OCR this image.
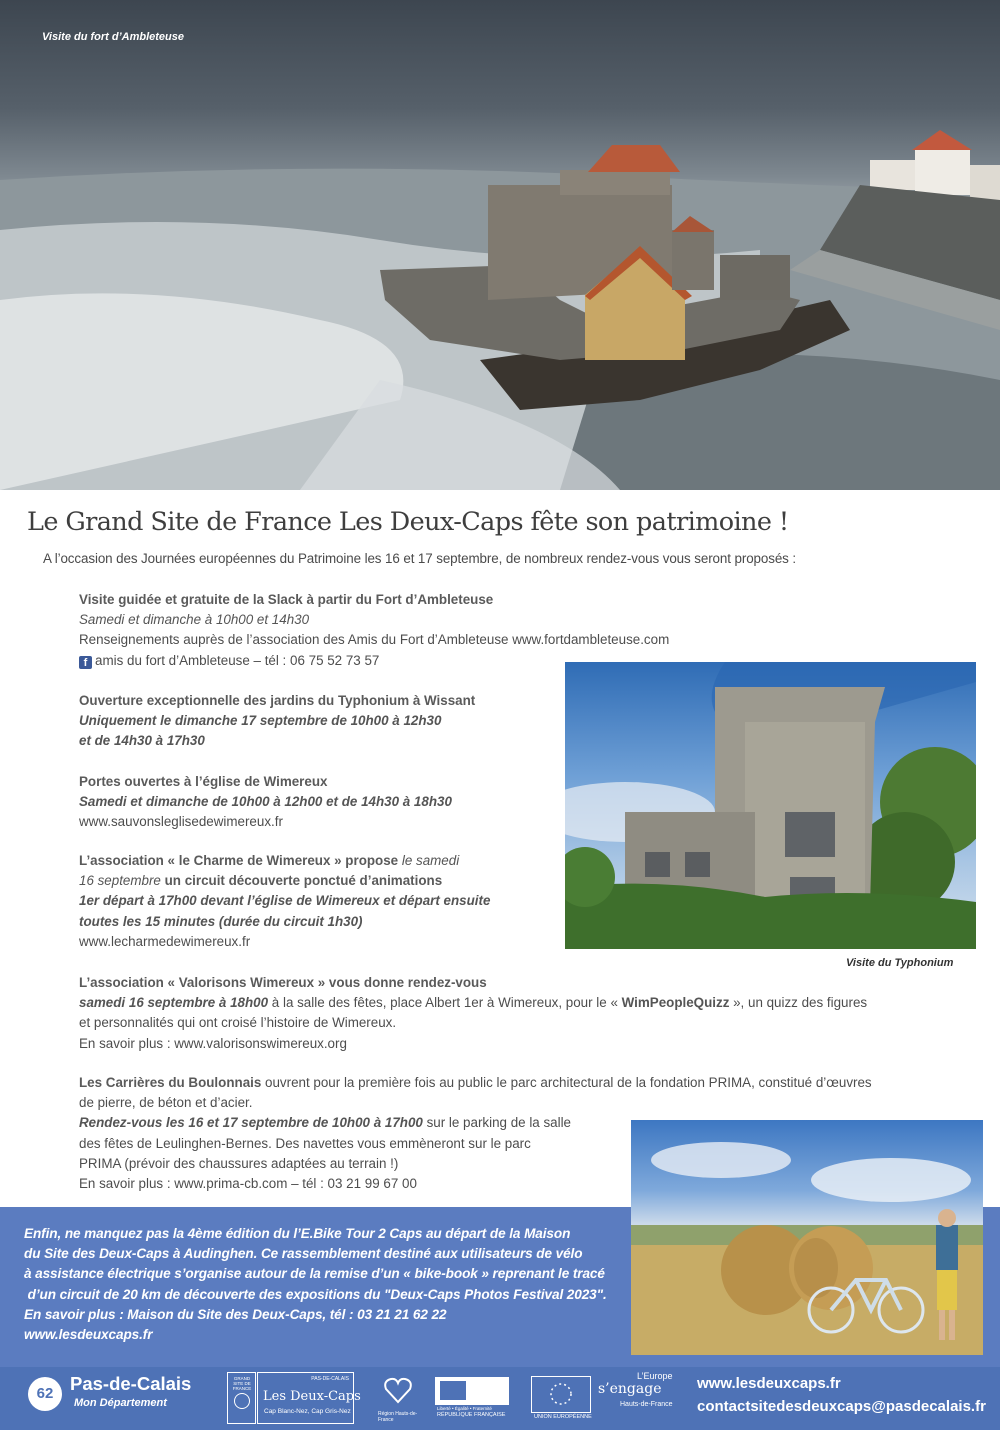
Visite du fort d’Ambleteuse
Le Grand Site de France Les Deux-Caps fête son patrimoine !
A l’occasion des Journées européennes du Patrimoine les 16 et 17 septembre, de nombreux rendez-vous vous seront proposés :
Visite guidée et gratuite de la Slack à partir du Fort d’Ambleteuse
Samedi et dimanche à 10h00 et 14h30
Renseignements auprès de l’association des Amis du Fort d’Ambleteuse www.fortdambleteuse.com
f amis du fort d’Ambleteuse – tél : 06 75 52 73 57
Ouverture exceptionnelle des jardins du Typhonium à Wissant
Uniquement le dimanche 17 septembre de 10h00 à 12h30
et de 14h30 à 17h30
Portes ouvertes à l’église de Wimereux
Samedi et dimanche de 10h00 à 12h00 et de 14h30 à 18h30
www.sauvonsleglisedewimereux.fr
L’association « le Charme de Wimereux » propose le samedi
16 septembre un circuit découverte ponctué d’animations
1er départ à 17h00 devant l’église de Wimereux et départ ensuite
toutes les 15 minutes (durée du circuit 1h30)
www.lecharmedewimereux.fr
L’association « Valorisons Wimereux » vous donne rendez-vous
samedi 16 septembre à 18h00 à la salle des fêtes, place Albert 1er à Wimereux, pour le « WimPeopleQuizz », un quizz des figures
et personnalités qui ont croisé l’histoire de Wimereux.
En savoir plus : www.valorisonswimereux.org
Les Carrières du Boulonnais ouvrent pour la première fois au public le parc architectural de la fondation PRIMA, constitué d’œuvres
de pierre, de béton et d’acier.
Rendez-vous les 16 et 17 septembre de 10h00 à 17h00 sur le parking de la salle
des fêtes de Leulinghen-Bernes. Des navettes vous emmèneront sur le parc
PRIMA (prévoir des chaussures adaptées au terrain !)
En savoir plus : www.prima-cb.com – tél : 03 21 99 67 00
Visite du Typhonium
Enfin, ne manquez pas la 4ème édition du l’E.Bike Tour 2 Caps au départ de la Maison
du Site des Deux-Caps à Audinghen. Ce rassemblement destiné aux utilisateurs de vélo
à assistance électrique s’organise autour de la remise d’un « bike-book » reprenant le tracé
d’un circuit de 20 km de découverte des expositions du "Deux-Caps Photos Festival 2023".
En savoir plus : Maison du Site des Deux-Caps, tél : 03 21 21 62 22
www.lesdeuxcaps.fr
62 Pas-de-Calais
Mon Département
GRAND SITE DE FRANCE
PAS-DE-CALAIS
Les Deux-Caps
Cap Blanc-Nez, Cap Gris-Nez	Région Hauts-de-France
Liberté • Égalité • Fraternité
RÉPUBLIQUE FRANÇAISE	UNION EUROPÉENNE
L’Europe
s’engage
Hauts-de-France
www.lesdeuxcaps.fr
contactsitedesdeuxcaps@pasdecalais.fr
